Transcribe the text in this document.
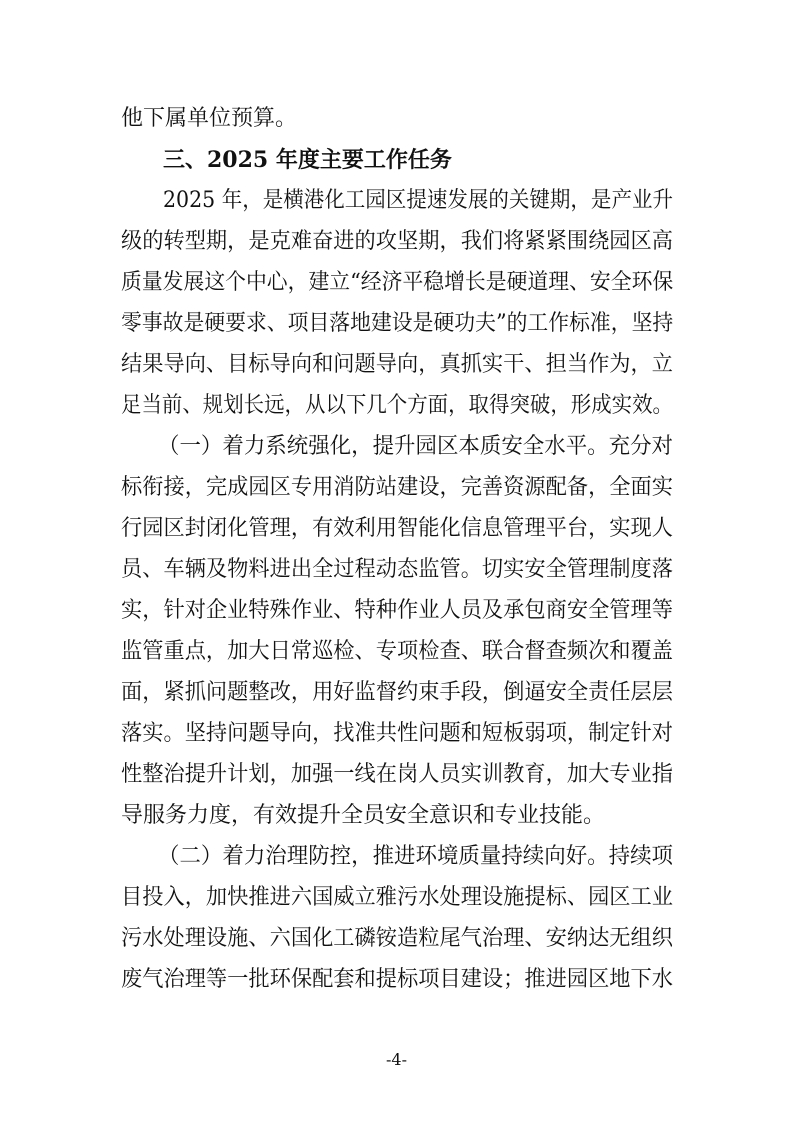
他下属单位预算。

三、2025 年度主要工作任务

2025 年，是横港化工园区提速发展的关键期，是产业升

级的转型期，是克难奋进的攻坚期，我们将紧紧围绕园区高

质量发展这个中心，建立“经济平稳增长是硬道理、安全环保

零事故是硬要求、项目落地建设是硬功夫”的工作标准，坚持

结果导向、目标导向和问题导向，真抓实干、担当作为，立

足当前、规划长远，从以下几个方面，取得突破，形成实效。

（一）着力系统强化，提升园区本质安全水平。充分对

标衔接，完成园区专用消防站建设，完善资源配备，全面实

行园区封闭化管理，有效利用智能化信息管理平台，实现人

员、车辆及物料进出全过程动态监管。切实安全管理制度落

实，针对企业特殊作业、特种作业人员及承包商安全管理等

监管重点，加大日常巡检、专项检查、联合督查频次和覆盖

面，紧抓问题整改，用好监督约束手段，倒逼安全责任层层

落实。坚持问题导向，找准共性问题和短板弱项，制定针对

性整治提升计划，加强一线在岗人员实训教育，加大专业指

导服务力度，有效提升全员安全意识和专业技能。

（二）着力治理防控，推进环境质量持续向好。持续项

目投入，加快推进六国威立雅污水处理设施提标、园区工业

污水处理设施、六国化工磷铵造粒尾气治理、安纳达无组织

废气治理等一批环保配套和提标项目建设；推进园区地下水

-4-
